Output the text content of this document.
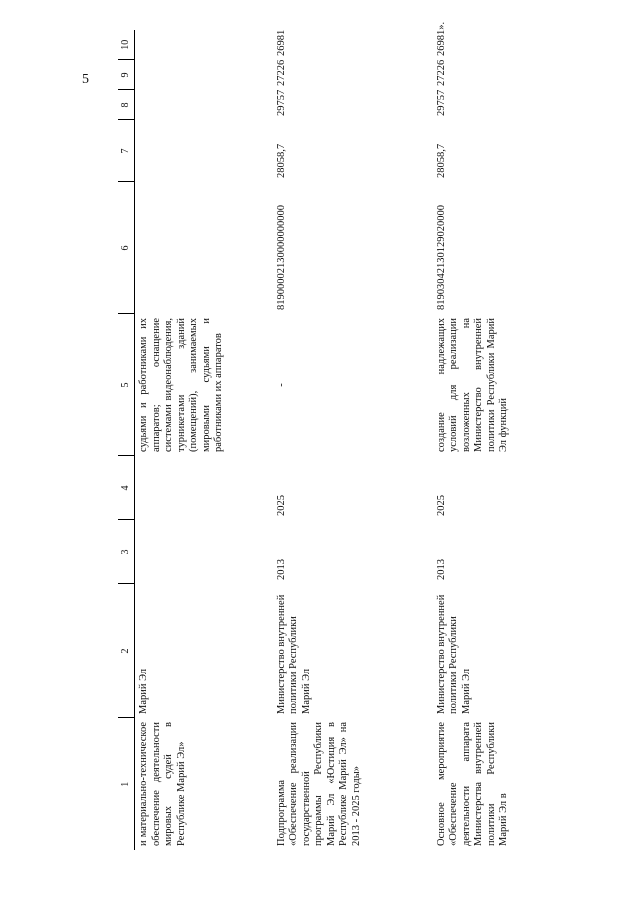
5
1	2	3	4	5	6	7	8	9	10
и материально-техническое обеспечение деятельности мировых судей в Республике Марий Эл»	Марий Эл			судьями и работниками их аппаратов; оснащение системами видеонаблюдения, турникетами зданий (помещений), занимаемых мировыми судьями и работниками их аппаратов					
Подпрограмма «Обеспечение реализации государственной программы Республики Марий Эл «Юстиция в Республике Марий Эл» на 2013 - 2025 годы»	Министерство внутренней политики Республики Марий Эл	2013	2025	-	81900002130000000000	28058,7	29757	27226	26981
Основное мероприятие «Обеспечение деятельности аппарата Министерства внутренней политики Республики Марий Эл в	Министерство внутренней политики Республики Марий Эл	2013	2025	создание надлежащих условий для реализации возложенных на Министерство внутренней политики Республики Марий Эл функций	81903042130129020000	28058,7	29757	27226	26981».
